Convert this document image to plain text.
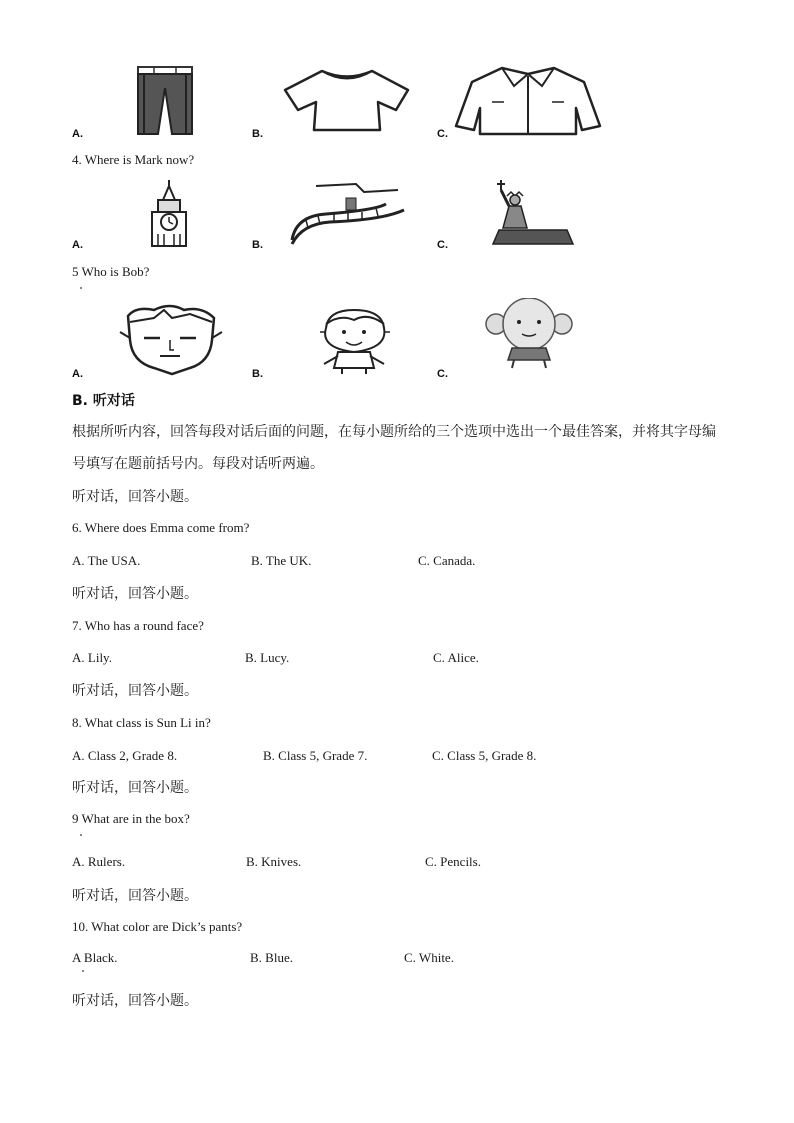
A.	B.	C.
4. Where is Mark now?
A.	B.	C.
5 Who is Bob?
A.	B.	C.
B. 听对话
根据所听内容，回答每段对话后面的问题，在每小题所给的三个选项中选出一个最佳答案，并将其字母编
号填写在题前括号内。每段对话听两遍。
听对话，回答小题。
6. Where does Emma come from?
A. The USA.	B. The UK.	C. Canada.
听对话，回答小题。
7. Who has a round face?
A. Lily.	B. Lucy.	C. Alice.
听对话，回答小题。
8. What class is Sun Li in?
A. Class 2, Grade 8.	B. Class 5, Grade 7.	C. Class 5, Grade 8.
听对话，回答小题。
9 What are in the box?
A. Rulers.	B. Knives.	C. Pencils.
听对话，回答小题。
10. What color are Dick’s pants?
A Black.	B. Blue.	C. White.
听对话，回答小题。
